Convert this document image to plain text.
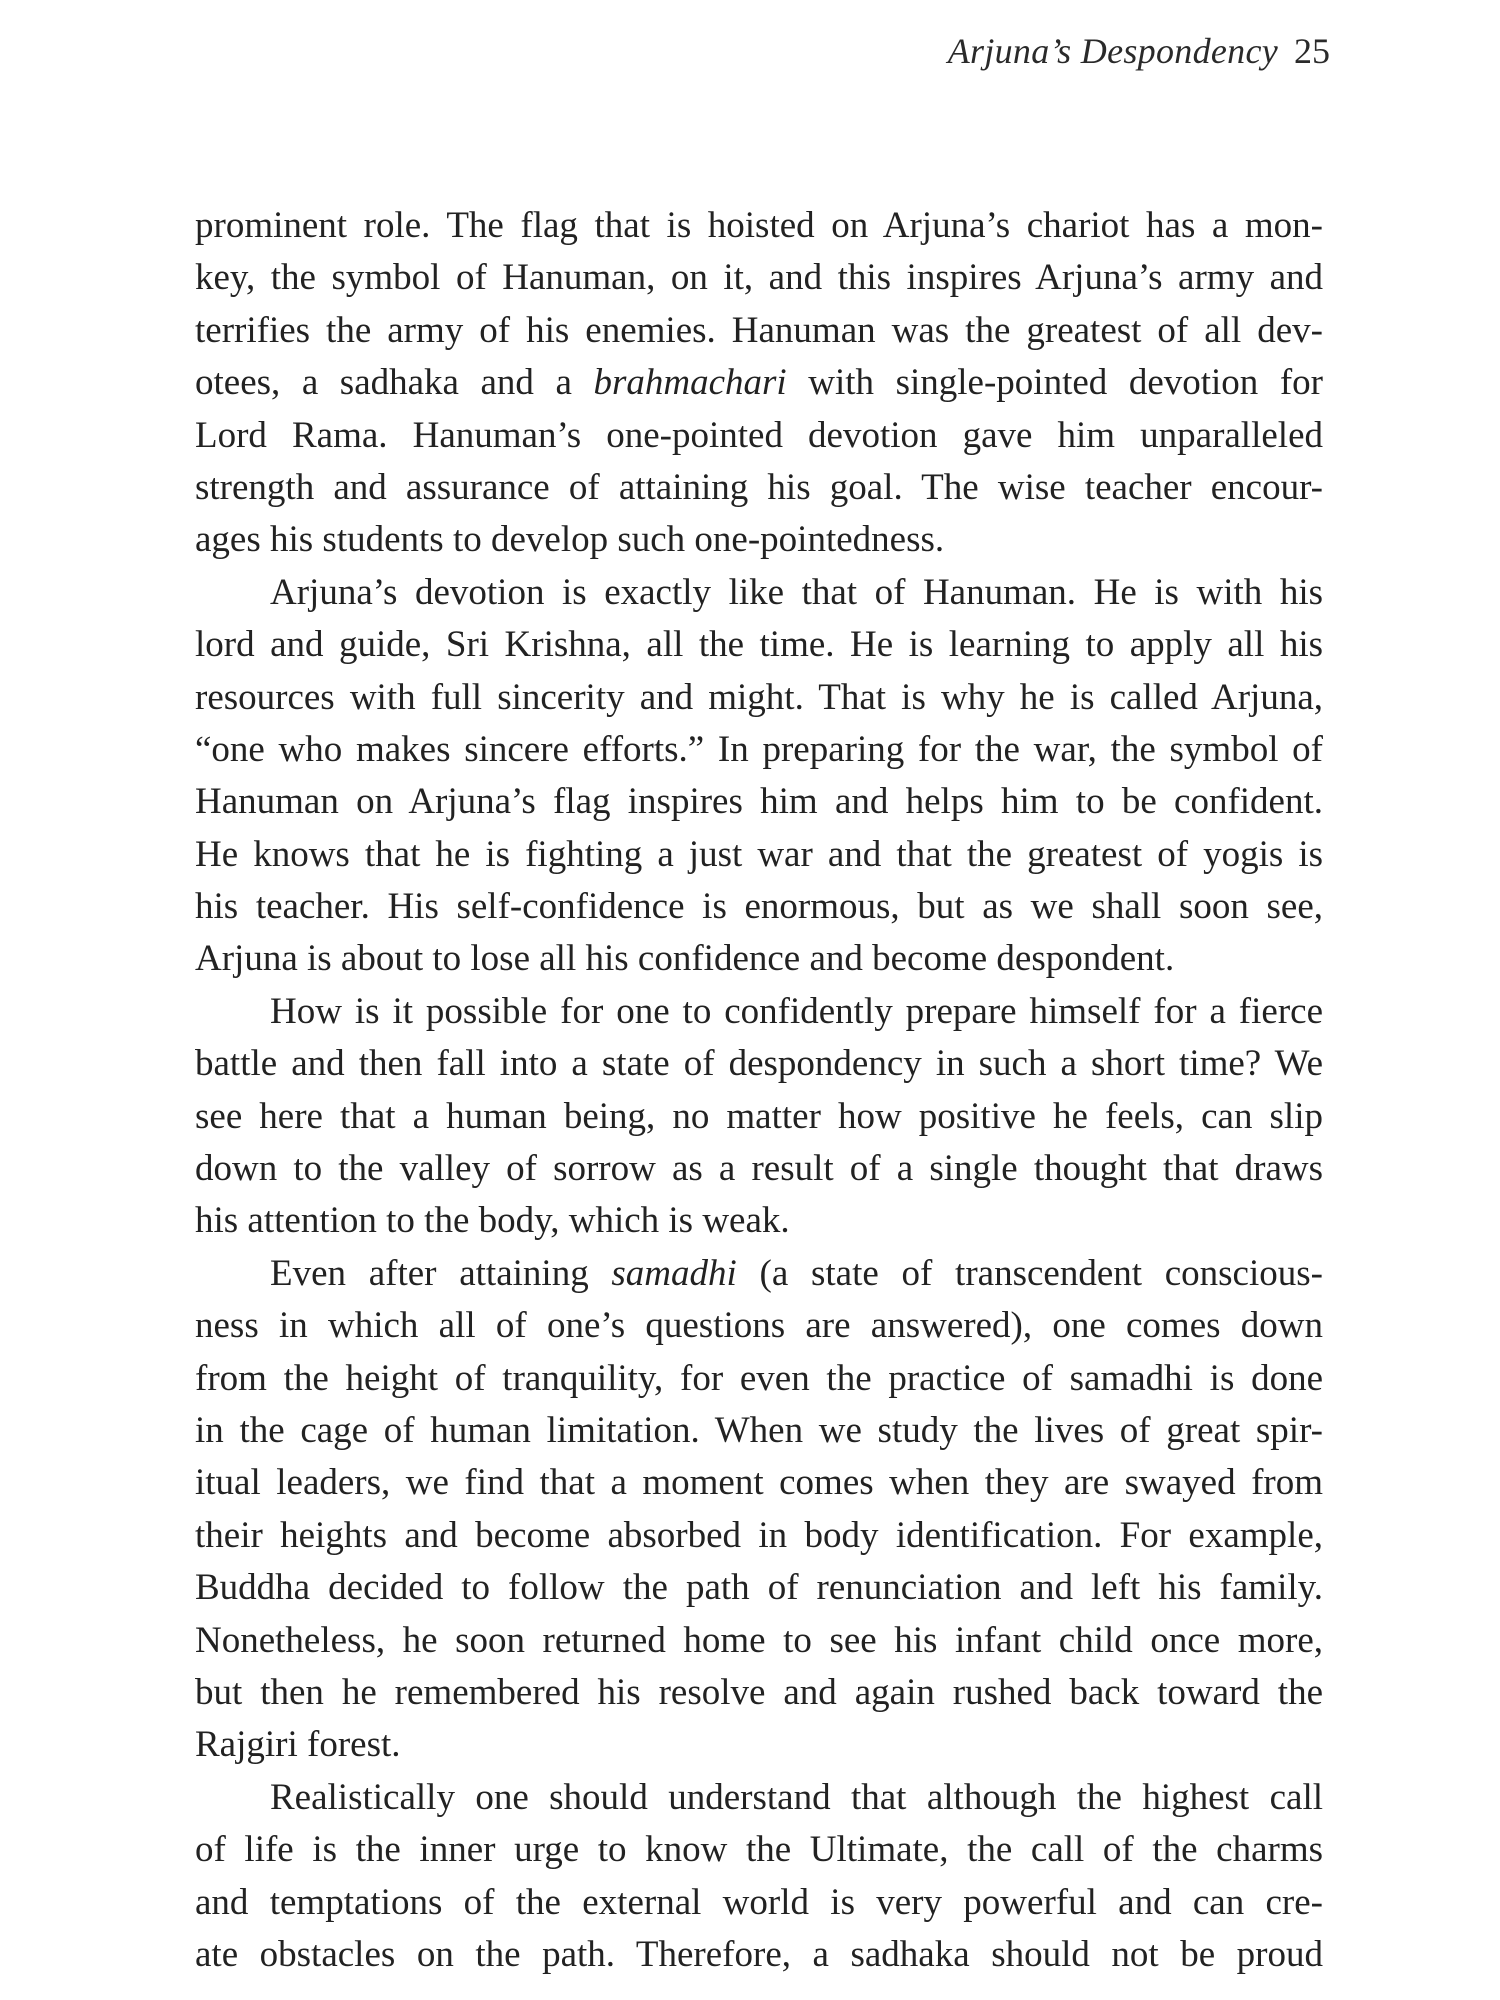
Arjuna’s Despondency 25
prominent role. The flag that is hoisted on Arjuna’s chariot has a mon-
key, the symbol of Hanuman, on it, and this inspires Arjuna’s army and
terrifies the army of his enemies. Hanuman was the greatest of all dev-
otees, a sadhaka and a brahmachari with single-pointed devotion for
Lord Rama. Hanuman’s one-pointed devotion gave him unparalleled
strength and assurance of attaining his goal. The wise teacher encour-
ages his students to develop such one-pointedness.
Arjuna’s devotion is exactly like that of Hanuman. He is with his
lord and guide, Sri Krishna, all the time. He is learning to apply all his
resources with full sincerity and might. That is why he is called Arjuna,
“one who makes sincere efforts.” In preparing for the war, the symbol of
Hanuman on Arjuna’s flag inspires him and helps him to be confident.
He knows that he is fighting a just war and that the greatest of yogis is
his teacher. His self-confidence is enormous, but as we shall soon see,
Arjuna is about to lose all his confidence and become despondent.
How is it possible for one to confidently prepare himself for a fierce
battle and then fall into a state of despondency in such a short time? We
see here that a human being, no matter how positive he feels, can slip
down to the valley of sorrow as a result of a single thought that draws
his attention to the body, which is weak.
Even after attaining samadhi (a state of transcendent conscious-
ness in which all of one’s questions are answered), one comes down
from the height of tranquility, for even the practice of samadhi is done
in the cage of human limitation. When we study the lives of great spir-
itual leaders, we find that a moment comes when they are swayed from
their heights and become absorbed in body identification. For example,
Buddha decided to follow the path of renunciation and left his family.
Nonetheless, he soon returned home to see his infant child once more,
but then he remembered his resolve and again rushed back toward the
Rajgiri forest.
Realistically one should understand that although the highest call
of life is the inner urge to know the Ultimate, the call of the charms
and temptations of the external world is very powerful and can cre-
ate obstacles on the path. Therefore, a sadhaka should not be proud
